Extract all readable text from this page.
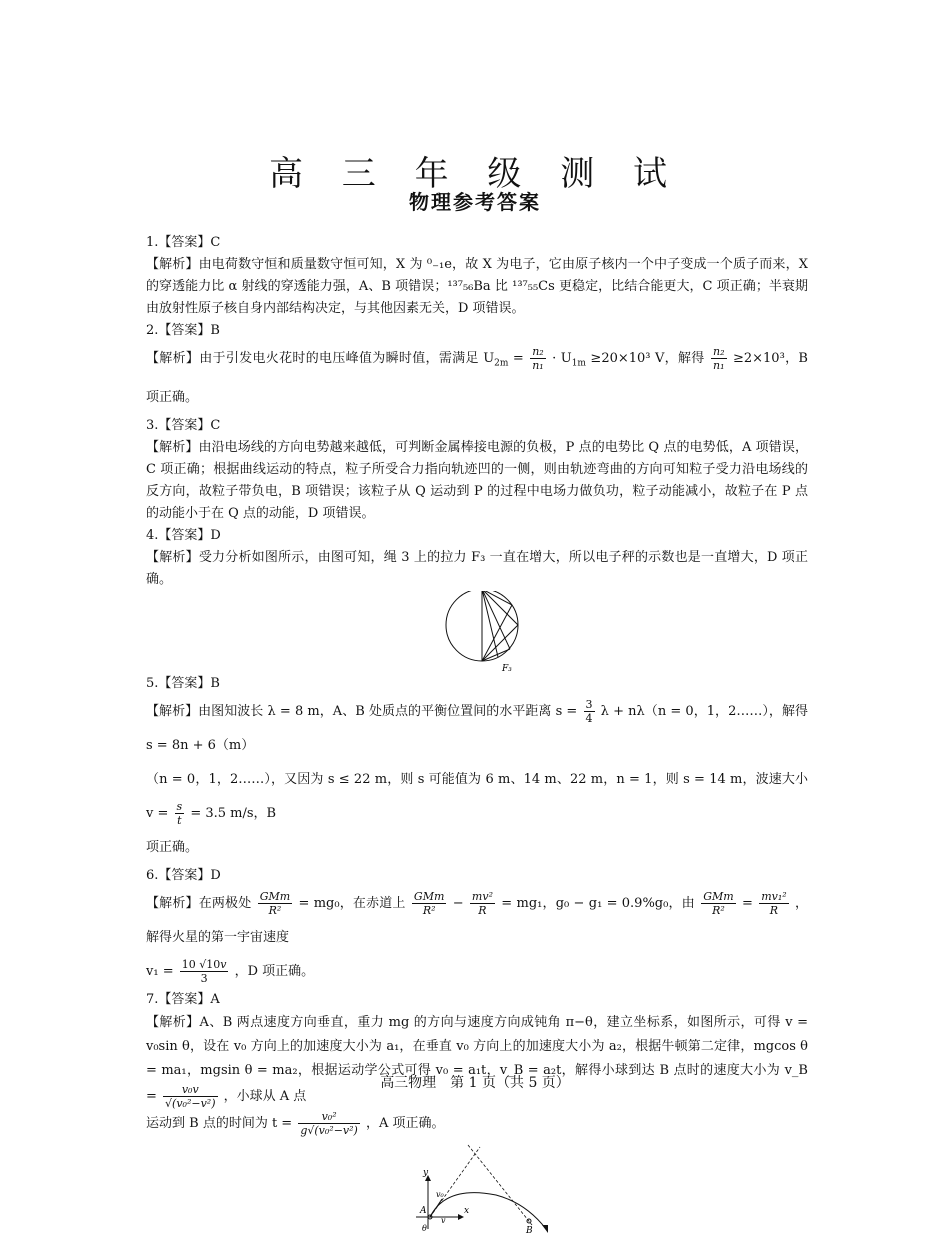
高 三 年 级 测 试
物理参考答案

1.【答案】C

【解析】由电荷数守恒和质量数守恒可知，X 为 ⁰₋₁e，故 X 为电子，它由原子核内一个中子变成一个质子而来，X 的穿透能力比 α 射线的穿透能力强，A、B 项错误；¹³⁷₅₆Ba 比 ¹³⁷₅₅Cs 更稳定，比结合能更大，C 项正确；半衰期由放射性原子核自身内部结构决定，与其他因素无关，D 项错误。

2.【答案】B

【解析】由于引发电火花时的电压峰值为瞬时值，需满足 $U_{2m} = \frac{\text{n₂}}{\text{n₁}} \cdot U_{1m} \ge 20\times 10^3$ V，解得 $\frac{\text{n₂}}{\text{n₁}} \ge 2\times 10^3$，B 项正确。

3.【答案】C

【解析】由沿电场线的方向电势越来越低，可判断金属棒接电源的负极，P 点的电势比 Q 点的电势低，A 项错误，C 项正确；根据曲线运动的特点，粒子所受合力指向轨迹凹的一侧，则由轨迹弯曲的方向可知粒子受力沿电场线的反方向，故粒子带负电，B 项错误；该粒子从 Q 运动到 P 的过程中电场力做负功，粒子动能减小，故粒子在 P 点的动能小于在 Q 点的动能，D 项错误。

4.【答案】D

【解析】受力分析如图所示，由图可知，绳 3 上的拉力 F₃ 一直在增大，所以电子秤的示数也是一直增大，D 项正确。

F₃

5.【答案】B

【解析】由图知波长 λ = 8 m，A、B 处质点的平衡位置间的水平距离 $s = \frac{3}{4}$ λ + nλ（n = 0，1，2……），解得 s = 8n + 6（m）
（n = 0，1，2……），又因为 s ≤ 22 m，则 s 可能值为 6 m、14 m、22 m，n = 1，则 s = 14 m，波速大小 $v = \frac{s}{t} = 3.5$ m/s，B
项正确。

6.【答案】D

【解析】在两极处 $\frac{\text{GMm}}{\text{R²}} = mg_0$，在赤道上 $\frac{\text{GMm}}{\text{R²}} - \frac{\text{mv²}}{R} = mg_1$，g₀ − g₁ = 0.9%g₀，由 $\frac{\text{GMm}}{\text{R²}} = \frac{\text{mv₁²}}{R}$ ，解得火星的第一宇宙速度
$v_1 = \frac{10 √10v}{3}$ ，D 项正确。

7.【答案】A

【解析】A、B 两点速度方向垂直，重力 mg 的方向与速度方向成钝角 π−θ，建立坐标系，如图所示，可得 v = v₀sin θ，设在 v₀ 方向上的加速度大小为 a₁，在垂直 v₀ 方向上的加速度大小为 a₂，根据牛顿第二定律，mgcos θ = ma₁，mgsin θ = ma₂，根据运动学公式可得 v₀ = a₁t，v_B = a₂t，解得小球到达 B 点时的速度大小为 v_B = $\frac{\text{v₀v}}{\text{√(v₀²−v²)}}$ ，小球从 A 点
运动到 B 点的时间为 $t = \frac{\text{v₀²}}{\text{g√(v₀²−v²)}}$ ，A 项正确。

y
x
v₀
v
A
B
θ
高三物理　第 1 页（共 5 页）
